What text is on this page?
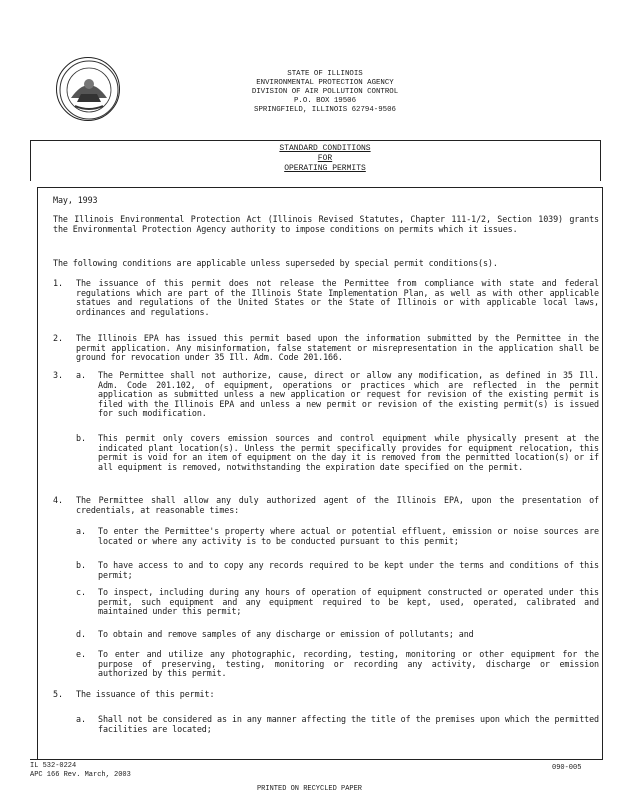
STATE OF ILLINOIS
ENVIRONMENTAL PROTECTION AGENCY
DIVISION OF AIR POLLUTION CONTROL
P.O. BOX 19506
SPRINGFIELD, ILLINOIS 62794-9506
STANDARD CONDITIONS
FOR
OPERATING PERMITS
May, 1993
The Illinois Environmental Protection Act (Illinois Revised Statutes, Chapter 111-1/2, Section 1039) grants the Environmental Protection Agency authority to impose conditions on permits which it issues.
The following conditions are applicable unless superseded by special permit conditions(s).
1.	The issuance of this permit does not release the Permittee from compliance with state and federal regulations which are part of the Illinois State Implementation Plan, as well as with other applicable statues and regulations of the United States or the State of Illinois or with applicable local laws, ordinances and regulations.
2.	The Illinois EPA has issued this permit based upon the information submitted by the Permittee in the permit application. Any misinformation, false statement or misrepresentation in the application shall be ground for revocation under 35 Ill. Adm. Code 201.166.
3.	a.	The Permittee shall not authorize, cause, direct or allow any modification, as defined in 35 Ill. Adm. Code 201.102, of equipment, operations or practices which are reflected in the permit application as submitted unless a new application or request for revision of the existing permit is filed with the Illinois EPA and unless a new permit or revision of the existing permit(s) is issued for such modification.
b.	This permit only covers emission sources and control equipment while physically present at the indicated plant location(s). Unless the permit specifically provides for equipment relocation, this permit is void for an item of equipment on the day it is removed from the permitted location(s) or if all equipment is removed, notwithstanding the expiration date specified on the permit.
4.	The Permittee shall allow any duly authorized agent of the Illinois EPA, upon the presentation of credentials, at reasonable times:
a.	To enter the Permittee's property where actual or potential effluent, emission or noise sources are located or where any activity is to be conducted pursuant to this permit;
b.	To have access to and to copy any records required to be kept under the terms and conditions of this permit;
c.	To inspect, including during any hours of operation of equipment constructed or operated under this permit, such equipment and any equipment required to be kept, used, operated, calibrated and maintained under this permit;
d.	To obtain and remove samples of any discharge or emission of pollutants; and
e.	To enter and utilize any photographic, recording, testing, monitoring or other equipment for the purpose of preserving, testing, monitoring or recording any activity, discharge or emission authorized by this permit.
5.	The issuance of this permit:
a.	Shall not be considered as in any manner affecting the title of the premises upon which the permitted facilities are located;
IL 532-0224
APC 166 Rev. March, 2003
090-005
PRINTED ON RECYCLED PAPER
